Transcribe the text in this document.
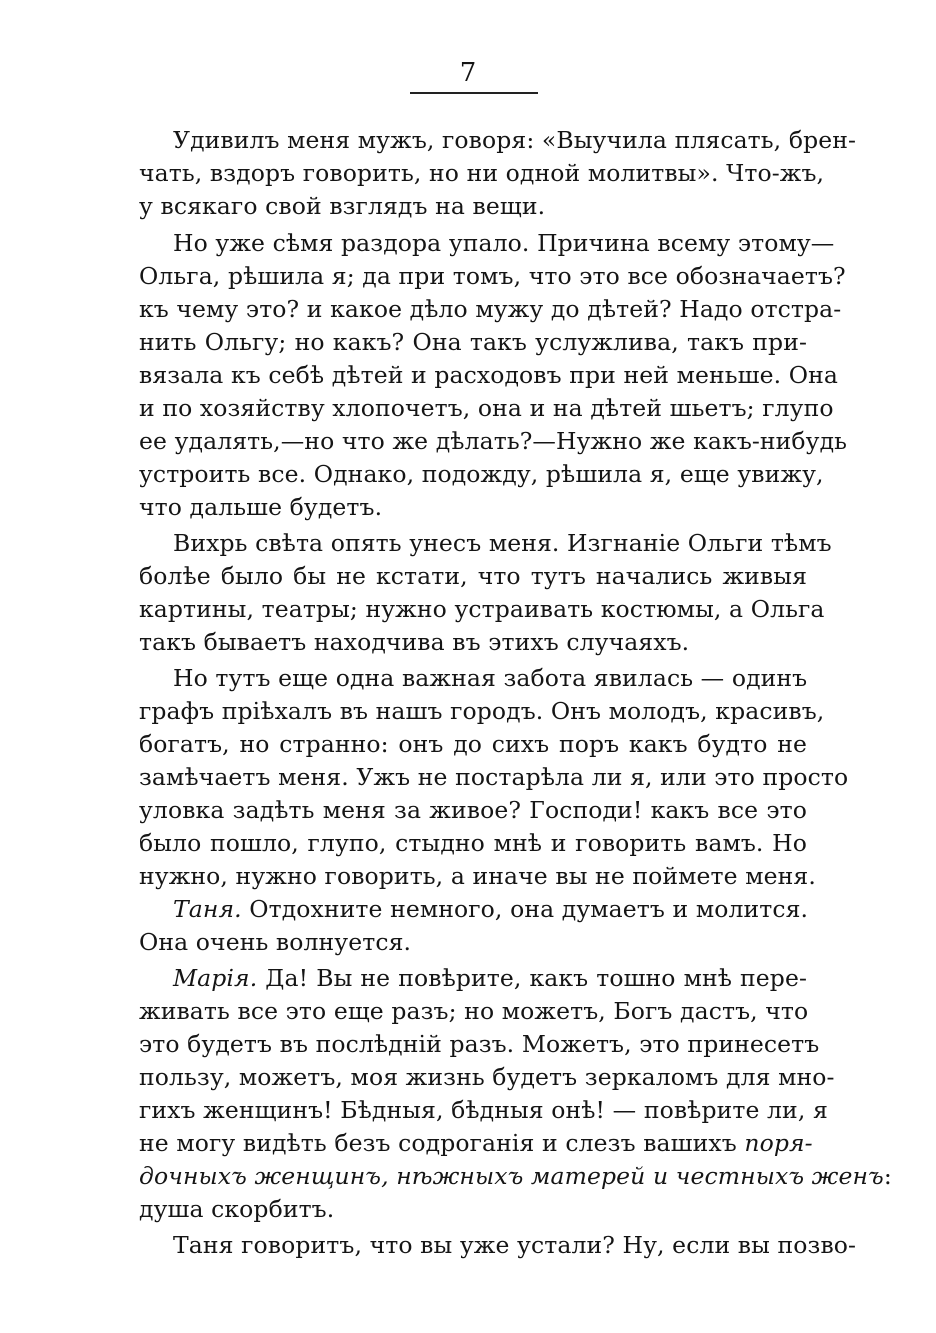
7
Удивилъ меня мужъ, говоря: «Выучила плясать, брен-
чать, вздоръ говорить, но ни одной молитвы». Что-жъ,
у всякаго свой взглядъ на вещи.
Но уже сѣмя раздора упало. Причина всему этому—
Ольга, рѣшила я; да при томъ, что это все обозначаетъ?
къ чему это? и какое дѣло мужу до дѣтей? Надо отстра-
нить Ольгу; но какъ? Она такъ услужлива, такъ при-
вязала къ себѣ дѣтей и расходовъ при ней меньше. Она
и по хозяйству хлопочетъ, она и на дѣтей шьетъ; глупо
ее удалять,—но что же дѣлать?—Нужно же какъ-нибудь
устроить все. Однако, подожду, рѣшила я, еще увижу,
что дальше будетъ.
Вихрь свѣта опять унесъ меня. Изгнаніе Ольги тѣмъ
болѣе было бы не кстати, что тутъ начались живыя
картины, театры; нужно устраивать костюмы, а Ольга
такъ бываетъ находчива въ этихъ случаяхъ.
Но тутъ еще одна важная забота явилась — одинъ
графъ пріѣхалъ въ нашъ городъ. Онъ молодъ, красивъ,
богатъ, но странно: онъ до сихъ поръ какъ будто не
замѣчаетъ меня. Ужъ не постарѣла ли я, или это просто
уловка задѣть меня за живое? Господи! какъ все это
было пошло, глупо, стыдно мнѣ и говорить вамъ. Но
нужно, нужно говорить, а иначе вы не поймете меня.
Таня. Отдохните немного, она думаетъ и молится.
Она очень волнуется.
Марія. Да! Вы не повѣрите, какъ тошно мнѣ пере-
живать все это еще разъ; но можетъ, Богъ дастъ, что
это будетъ въ послѣдній разъ. Можетъ, это принесетъ
пользу, можетъ, моя жизнь будетъ зеркаломъ для мно-
гихъ женщинъ! Бѣдныя, бѣдныя онѣ! — повѣрите ли, я
не могу видѣть безъ содроганія и слезъ вашихъ поря-
дочныхъ женщинъ, нѣжныхъ матерей и честныхъ женъ:
душа скорбитъ.
Таня говоритъ, что вы уже устали? Ну, если вы позво-
